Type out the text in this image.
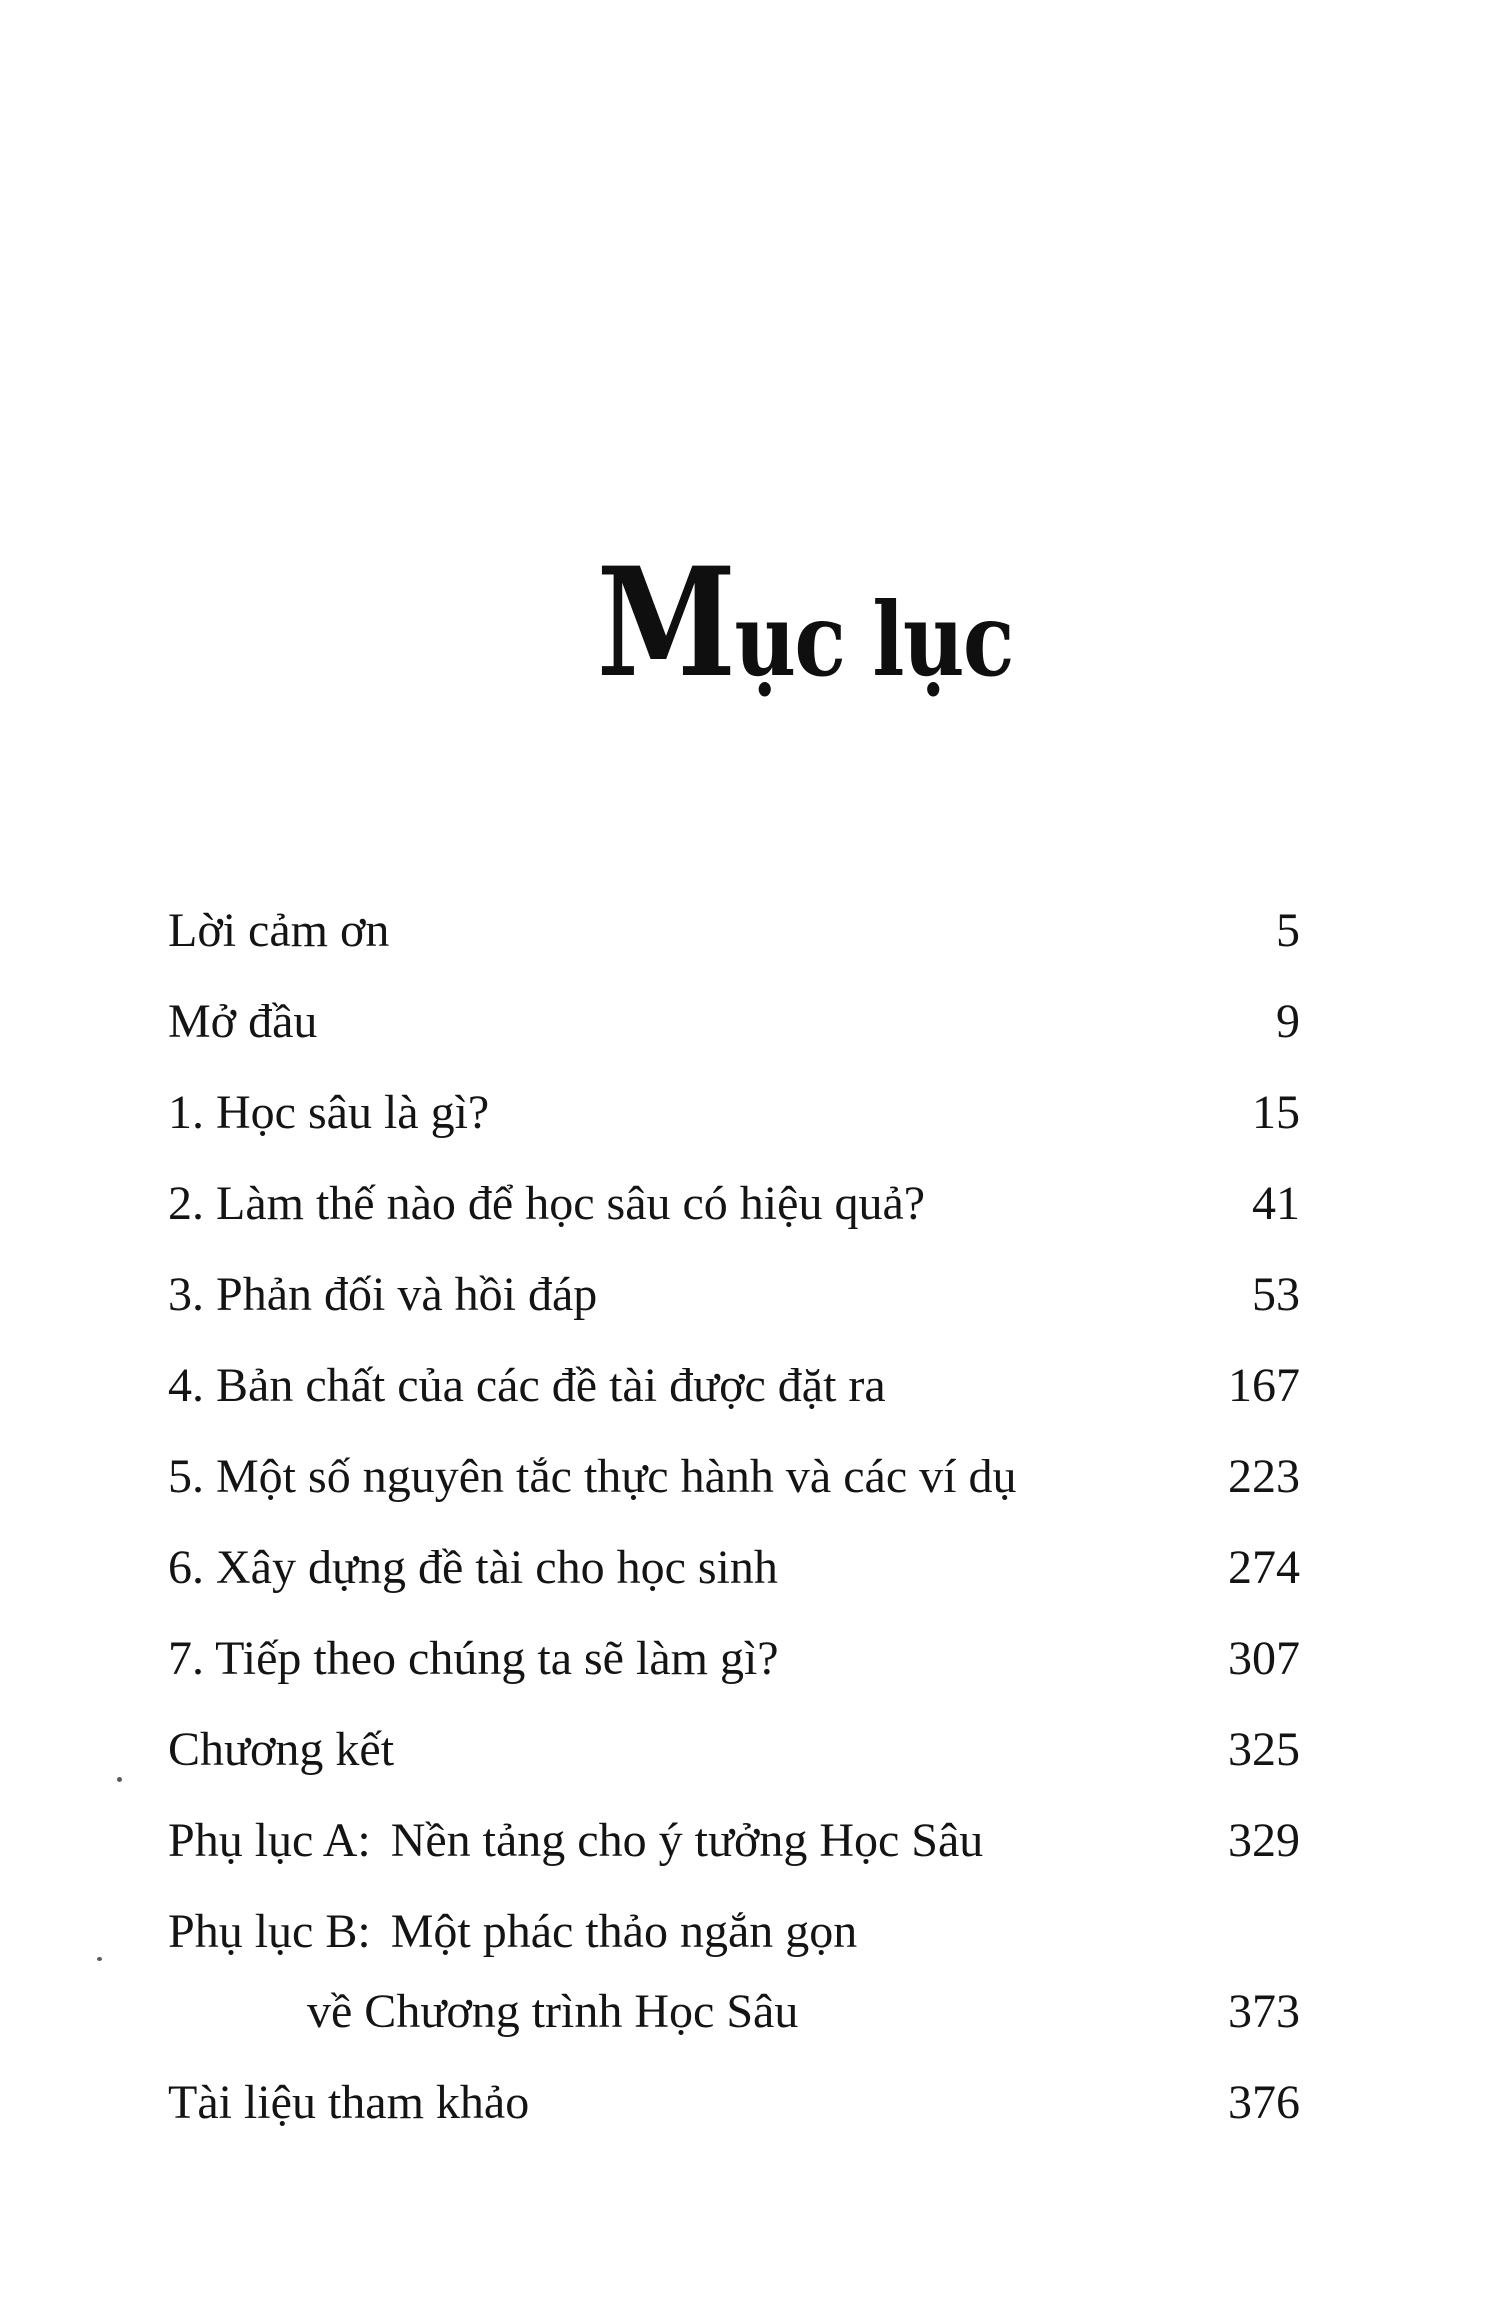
Mục lục
Lời cảm ơn	5
Mở đầu	9
1. Học sâu là gì?	15
2. Làm thế nào để học sâu có hiệu quả?	41
3. Phản đối và hồi đáp	53
4. Bản chất của các đề tài được đặt ra	167
5. Một số nguyên tắc thực hành và các ví dụ	223
6. Xây dựng đề tài cho học sinh	274
7. Tiếp theo chúng ta sẽ làm gì?	307
Chương kết	325
Phụ lục A: Nền tảng cho ý tưởng Học Sâu	329
Phụ lục B: Một phác thảo ngắn gọn
về Chương trình Học Sâu	373
Tài liệu tham khảo	376
